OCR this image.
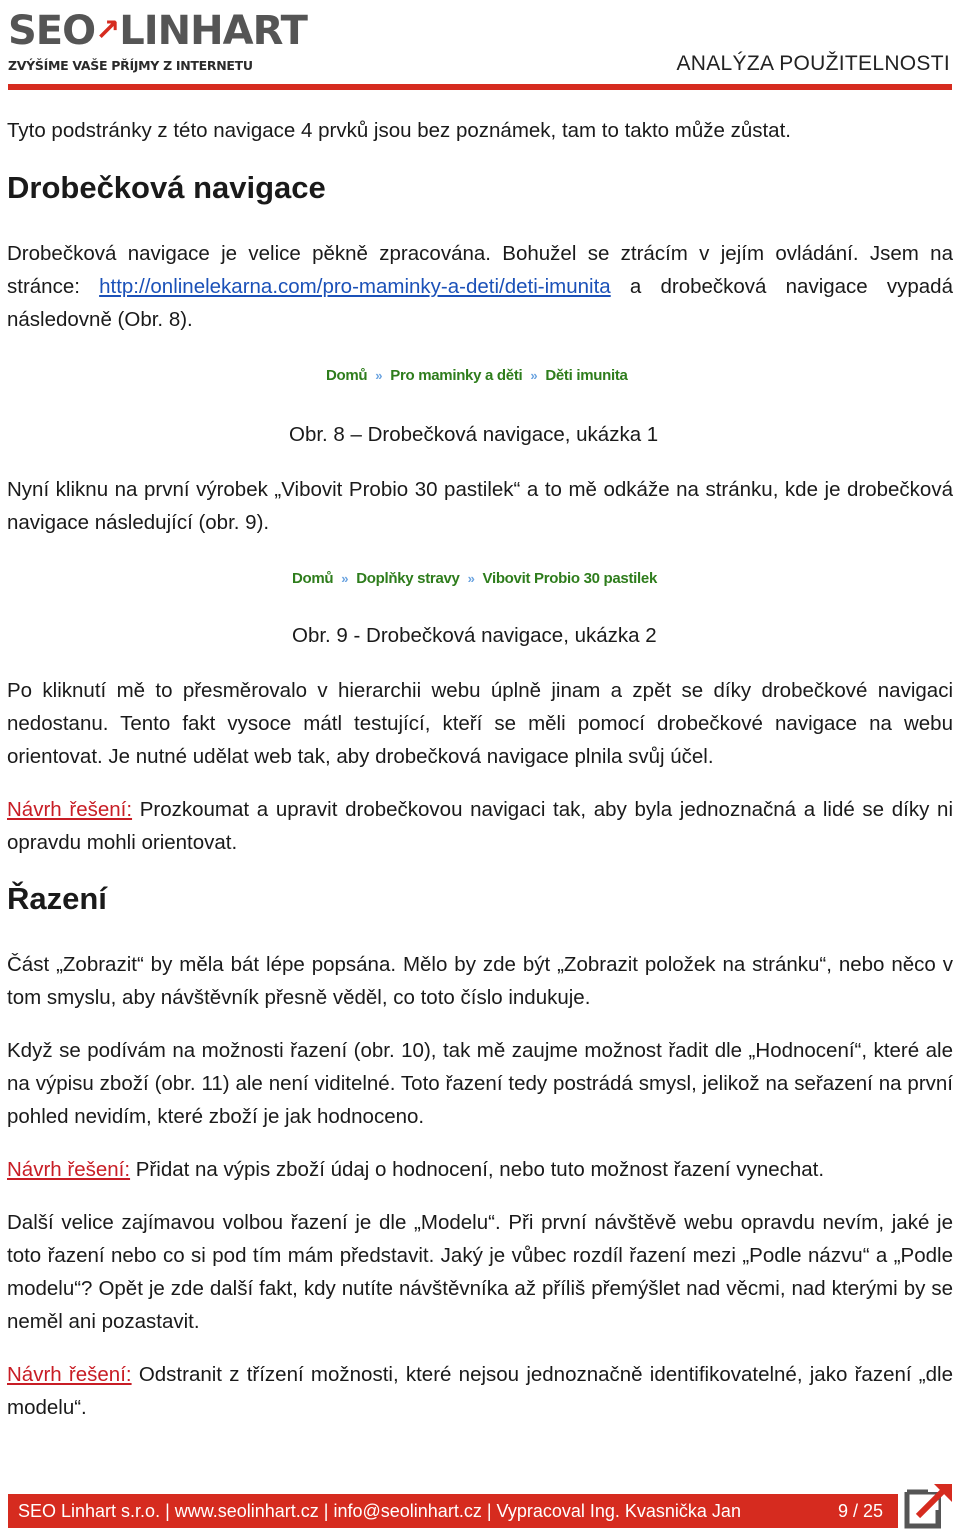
SEO↗LINHART
ZVÝŠÍME VAŠE PŘÍJMY Z INTERNETU	ANALÝZA POUŽITELNOSTI
Tyto podstránky z této navigace 4 prvků jsou bez poznámek, tam to takto může zůstat.
Drobečková navigace
Drobečková navigace je velice pěkně zpracována. Bohužel se ztrácím v jejím ovládání. Jsem na stránce: http://onlinelekarna.com/pro-maminky-a-deti/deti-imunita a drobečková navigace vypadá následovně (Obr. 8).
Domů » Pro maminky a děti » Děti imunita
Obr. 8 – Drobečková navigace, ukázka 1
Nyní kliknu na první výrobek „Vibovit Probio 30 pastilek“ a to mě odkáže na stránku, kde je drobečková navigace následující (obr. 9).
Domů » Doplňky stravy » Vibovit Probio 30 pastilek
Obr. 9 - Drobečková navigace, ukázka 2
Po kliknutí mě to přesměrovalo v hierarchii webu úplně jinam a zpět se díky drobečkové navigaci nedostanu. Tento fakt vysoce mátl testující, kteří se měli pomocí drobečkové navigace na webu orientovat. Je nutné udělat web tak, aby drobečková navigace plnila svůj účel.
Návrh řešení: Prozkoumat a upravit drobečkovou navigaci tak, aby byla jednoznačná a lidé se díky ni opravdu mohli orientovat.
Řazení
Část „Zobrazit“ by měla bát lépe popsána. Mělo by zde být „Zobrazit položek na stránku“, nebo něco v tom smyslu, aby návštěvník přesně věděl, co toto číslo indukuje.
Když se podívám na možnosti řazení (obr. 10), tak mě zaujme možnost řadit dle „Hodnocení“, které ale na výpisu zboží (obr. 11) ale není viditelné. Toto řazení tedy postrádá smysl, jelikož na seřazení na první pohled nevidím, které zboží je jak hodnoceno.
Návrh řešení: Přidat na výpis zboží údaj o hodnocení, nebo tuto možnost řazení vynechat.
Další velice zajímavou volbou řazení je dle „Modelu“. Při první návštěvě webu opravdu nevím, jaké je toto řazení nebo co si pod tím mám představit. Jaký je vůbec rozdíl řazení mezi „Podle názvu“ a „Podle modelu“? Opět je zde další fakt, kdy nutíte návštěvníka až příliš přemýšlet nad věcmi, nad kterými by se neměl ani pozastavit.
Návrh řešení: Odstranit z třízení možnosti, které nejsou jednoznačně identifikovatelné, jako řazení „dle modelu“.
SEO Linhart s.r.o. | www.seolinhart.cz | info@seolinhart.cz | Vypracoval Ing. Kvasnička Jan	9 / 25
